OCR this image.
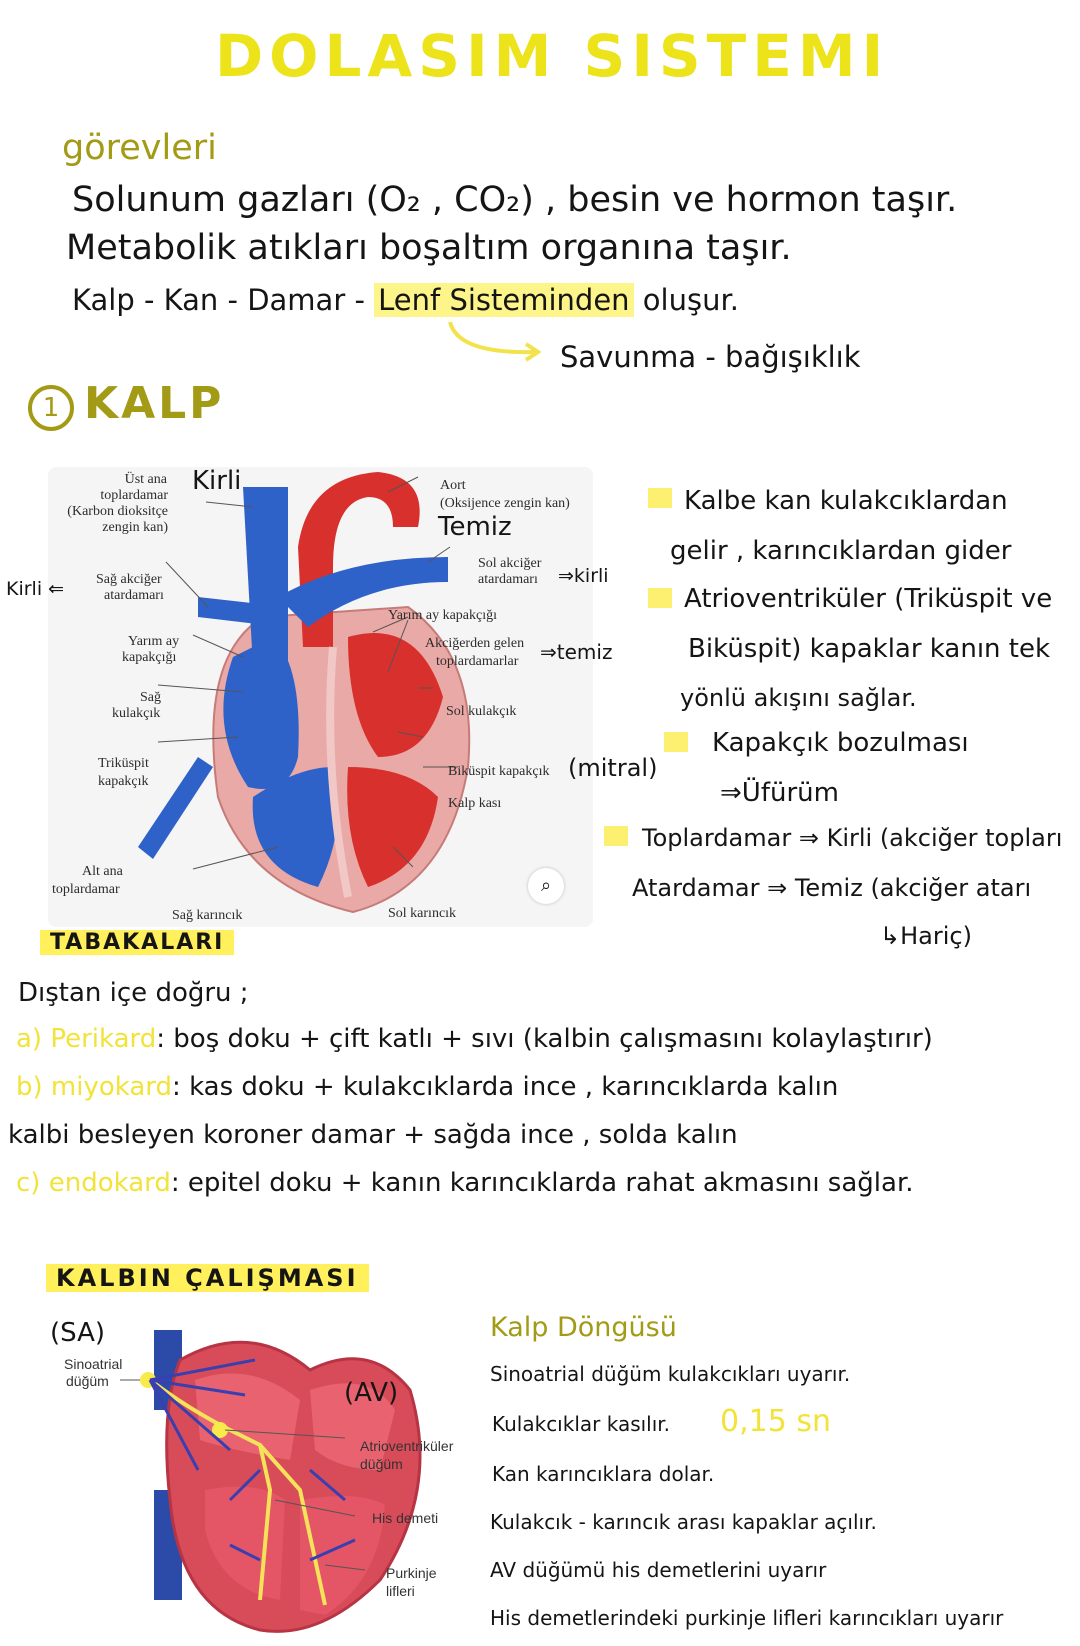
DOLASIM SISTEMI
görevleri
Solunum gazları (O₂ , CO₂) , besin ve hormon taşır.
Metabolik atıkları boşaltım organına taşır.
Kalp - Kan - Damar - Lenf Sisteminden oluşur.
Savunma - bağışıklık
1 KALP
Üst ana
toplardamar
(Karbon dioksitçe
zengin kan)
Aort
(Oksijence zengin kan)
Sol akciğer
atardamarı
Sağ akciğer
atardamarı
Yarım ay kapakçığı
Yarım ay
kapakçığı
Akciğerden gelen
toplardamarlar
Sağ
kulakçık	Sol kulakçık
Triküspit
kapakçık
Biküspit kapakçık
Kalp kası
Alt ana
toplardamar
Sağ karıncık	Sol karıncık
⌕
Kirli
Temiz
Kirli ⇐
⇒kirli
⇒temiz
(mitral)
Kalbe kan kulakcıklardan
gelir , karıncıklardan gider
Atrioventriküler (Triküspit ve
Biküspit) kapaklar kanın tek
yönlü akışını sağlar.
Kapakçık bozulması
⇒Üfürüm
Toplardamar ⇒ Kirli (akciğer topları
Atardamar ⇒ Temiz (akciğer atarı
↳Hariç)
TABAKALARI
Dıştan içe doğru ;
a) Perikard: boş doku + çift katlı + sıvı (kalbin çalışmasını kolaylaştırır)
b) miyokard: kas doku + kulakcıklarda ince , karıncıklarda kalın
kalbi besleyen koroner damar + sağda ince , solda kalın
c) endokard: epitel doku + kanın karıncıklarda rahat akmasını sağlar.
KALBIN ÇALIŞMASI
(SA)
Sinoatrial
düğüm	(AV)
Atrioventriküler
düğüm
His demeti
Purkinje
lifleri
Kalp Döngüsü
Sinoatrial düğüm kulakcıkları uyarır.
Kulakcıklar kasılır. 0,15 sn
Kan karıncıklara dolar.
Kulakcık - karıncık arası kapaklar açılır.
AV düğümü his demetlerini uyarır
His demetlerindeki purkinje lifleri karıncıkları uyarır
